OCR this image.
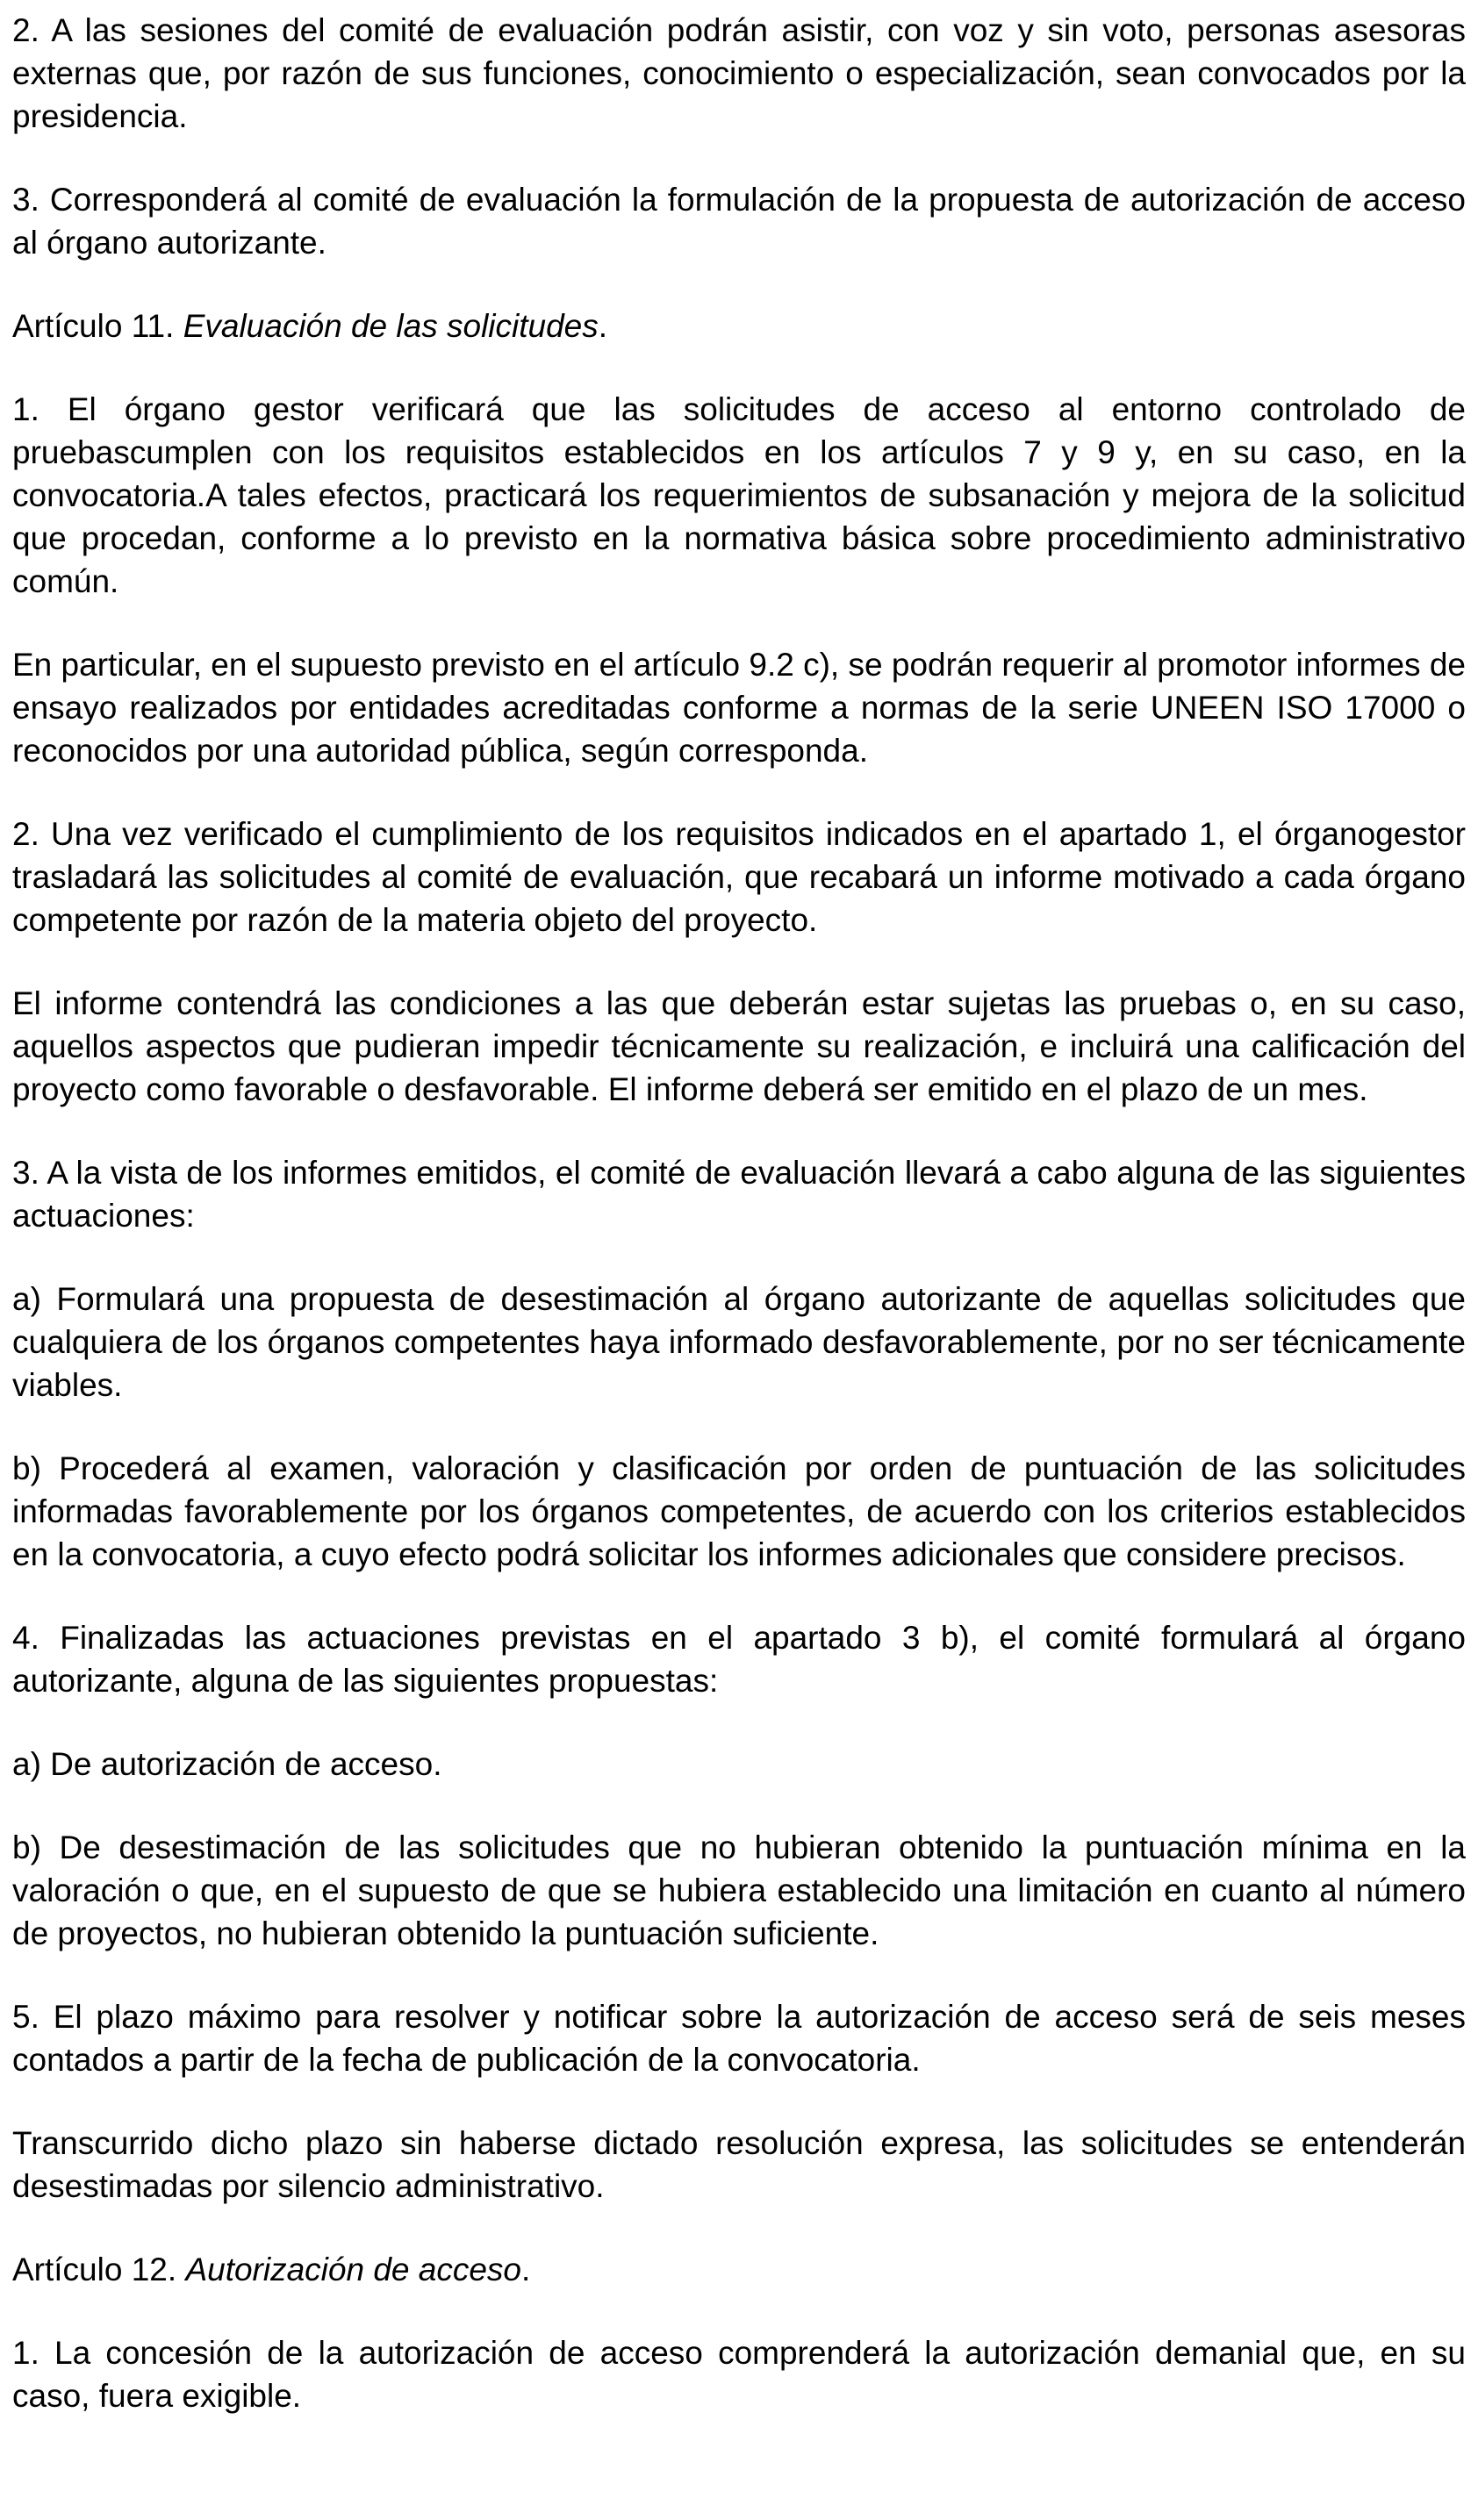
2. A las sesiones del comité de evaluación podrán asistir, con voz y sin voto, personas asesoras externas que, por razón de sus funciones, conocimiento o especialización, sean convocados por la presidencia.

3. Corresponderá al comité de evaluación la formulación de la propuesta de autorización de acceso al órgano autorizante.

Artículo 11. Evaluación de las solicitudes.

1. El órgano gestor verificará que las solicitudes de acceso al entorno controlado de pruebascumplen con los requisitos establecidos en los artículos 7 y 9 y, en su caso, en la convocatoria.A tales efectos, practicará los requerimientos de subsanación y mejora de la solicitud que procedan, conforme a lo previsto en la normativa básica sobre procedimiento administrativo común.

En particular, en el supuesto previsto en el artículo 9.2 c), se podrán requerir al promotor informes de ensayo realizados por entidades acreditadas conforme a normas de la serie UNEEN ISO 17000 o reconocidos por una autoridad pública, según corresponda.

2. Una vez verificado el cumplimiento de los requisitos indicados en el apartado 1, el órganogestor trasladará las solicitudes al comité de evaluación, que recabará un informe motivado a cada órgano competente por razón de la materia objeto del proyecto.

El informe contendrá las condiciones a las que deberán estar sujetas las pruebas o, en su caso, aquellos aspectos que pudieran impedir técnicamente su realización, e incluirá una calificación del proyecto como favorable o desfavorable. El informe deberá ser emitido en el plazo de un mes.

3. A la vista de los informes emitidos, el comité de evaluación llevará a cabo alguna de las siguientes actuaciones:

a) Formulará una propuesta de desestimación al órgano autorizante de aquellas solicitudes que cualquiera de los órganos competentes haya informado desfavorablemente, por no ser técnicamente viables.

b) Procederá al examen, valoración y clasificación por orden de puntuación de las solicitudes informadas favorablemente por los órganos competentes, de acuerdo con los criterios establecidos en la convocatoria, a cuyo efecto podrá solicitar los informes adicionales que considere precisos.

4. Finalizadas las actuaciones previstas en el apartado 3 b), el comité formulará al órgano autorizante, alguna de las siguientes propuestas:

a) De autorización de acceso.

b) De desestimación de las solicitudes que no hubieran obtenido la puntuación mínima en la valoración o que, en el supuesto de que se hubiera establecido una limitación en cuanto al número de proyectos, no hubieran obtenido la puntuación suficiente.

5. El plazo máximo para resolver y notificar sobre la autorización de acceso será de seis meses contados a partir de la fecha de publicación de la convocatoria.

Transcurrido dicho plazo sin haberse dictado resolución expresa, las solicitudes se entenderán desestimadas por silencio administrativo.

Artículo 12. Autorización de acceso.

1. La concesión de la autorización de acceso comprenderá la autorización demanial que, en su caso, fuera exigible.
